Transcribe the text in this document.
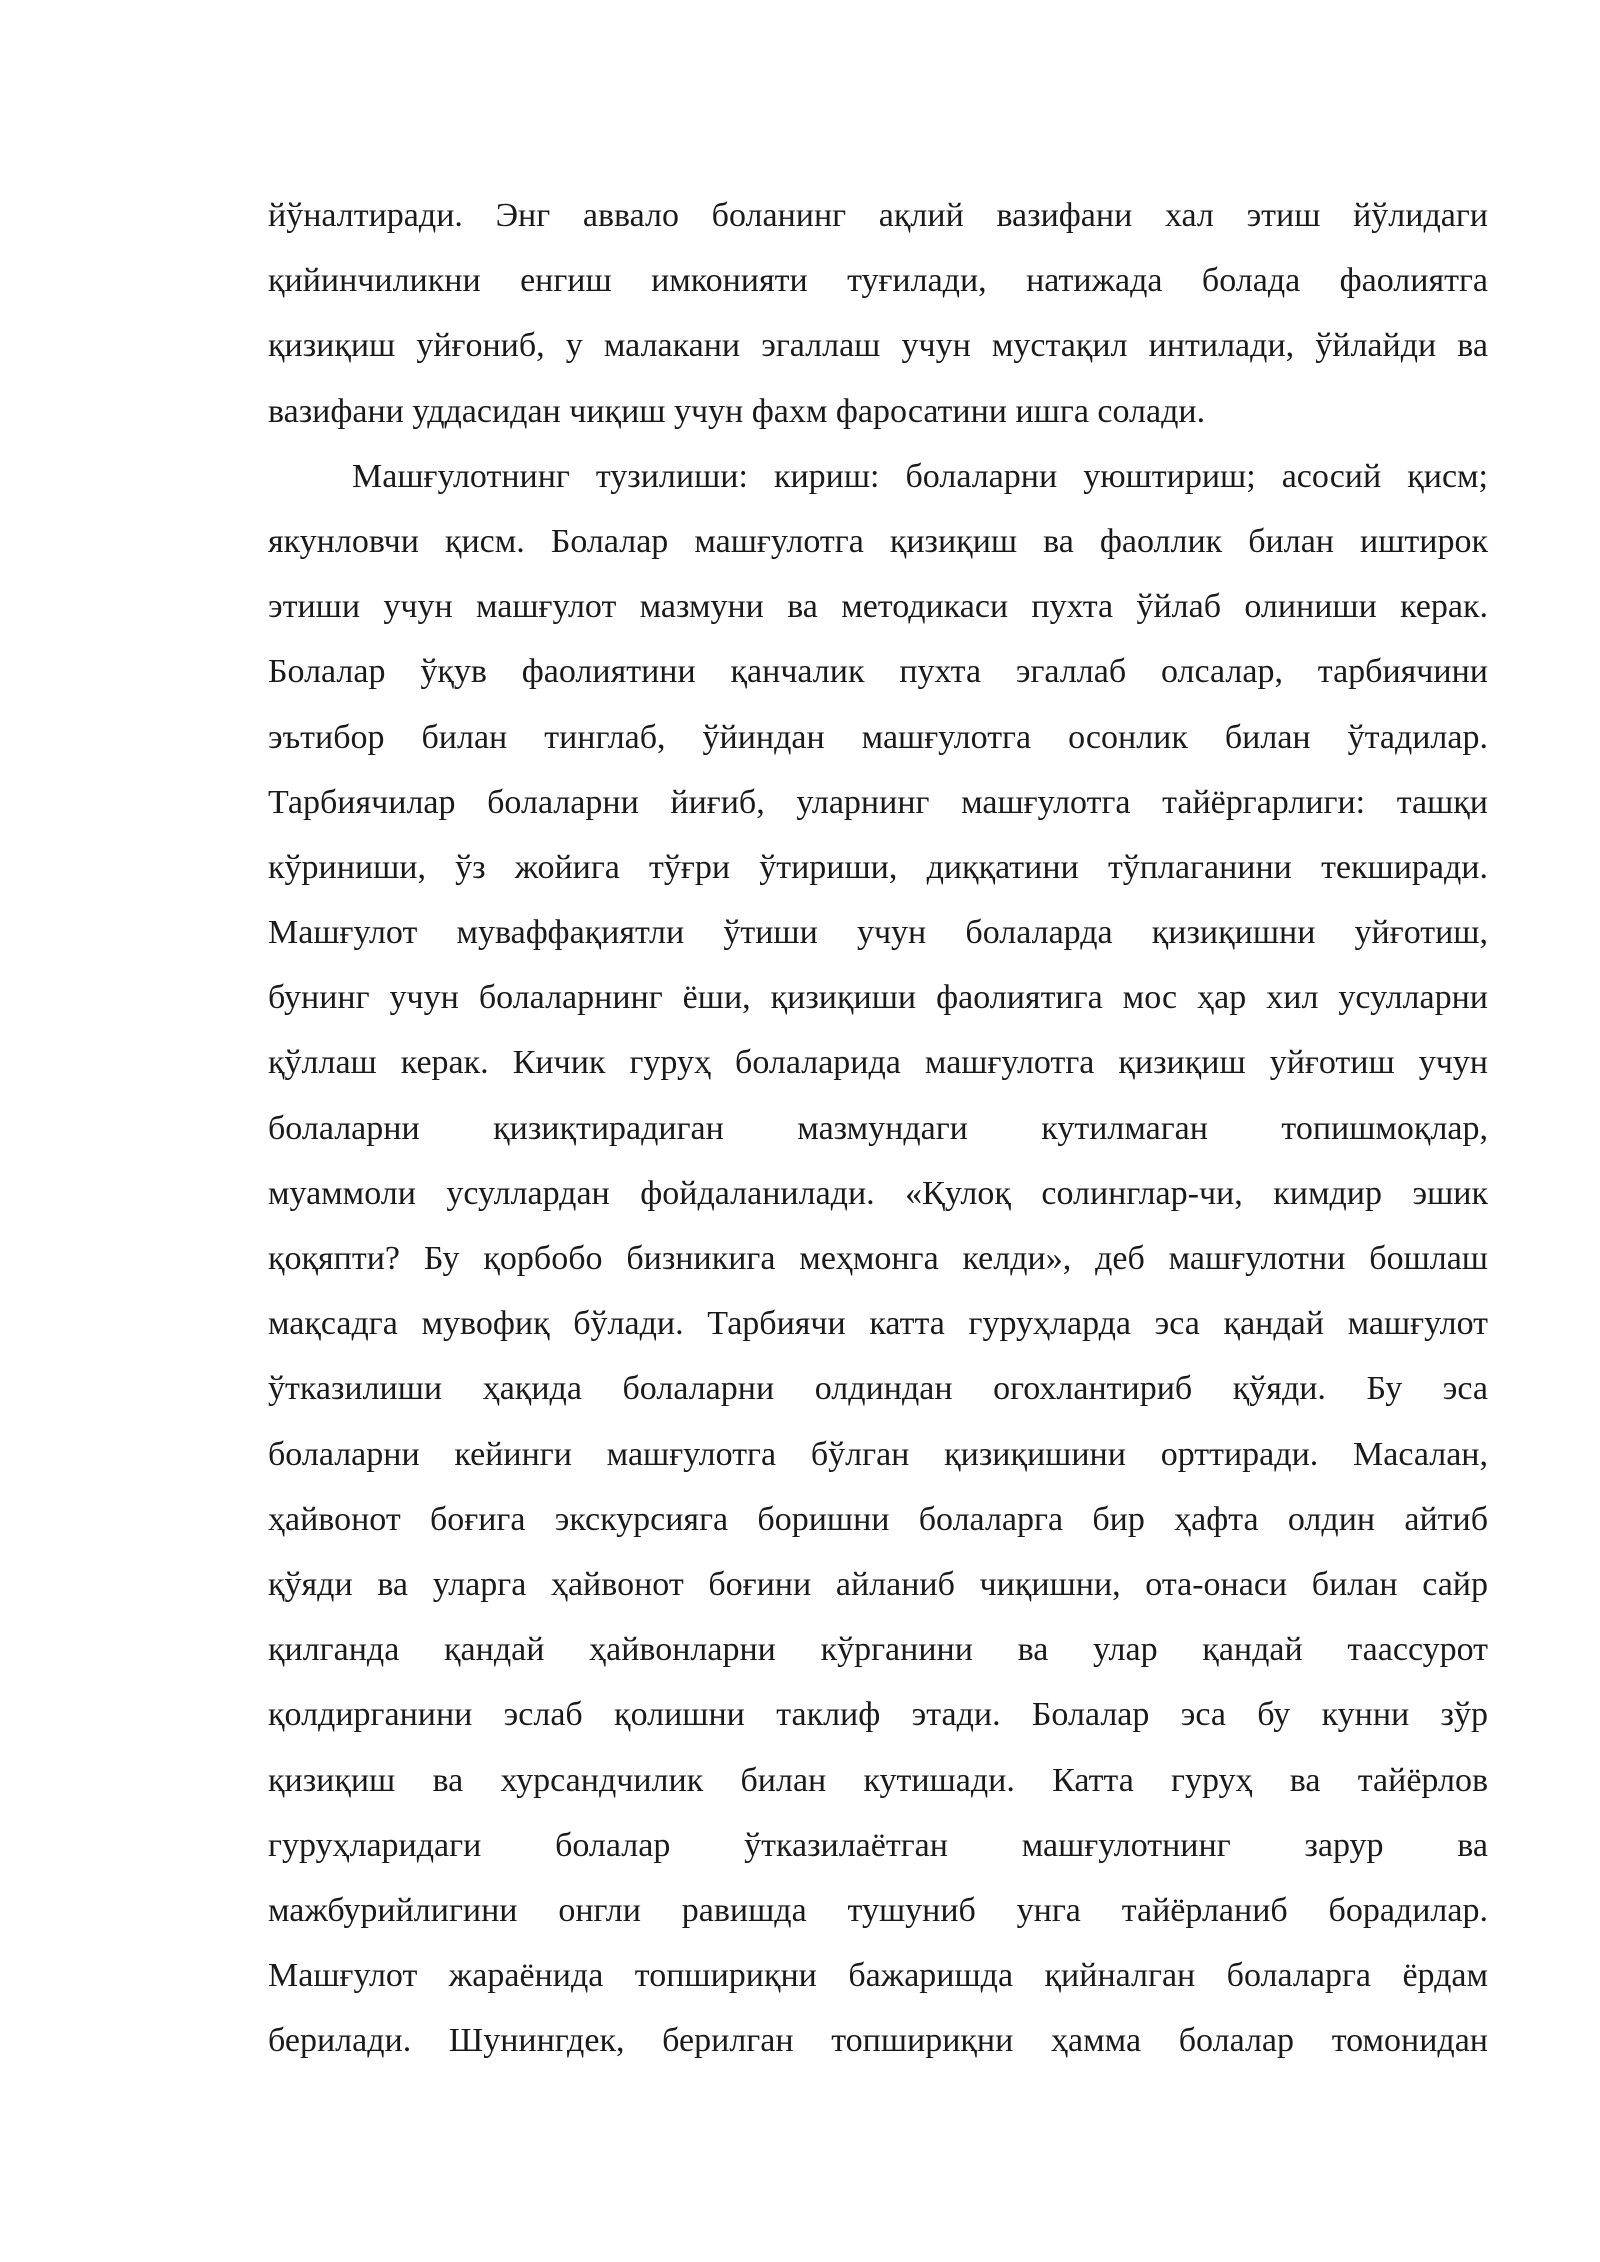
йўналтиради. Энг аввало боланинг ақлий вазифани хал этиш йўлидаги
қийинчиликни енгиш имконияти туғилади, натижада болада фаолиятга
қизиқиш уйғониб, у малакани эгаллаш учун мустақил интилади, ўйлайди ва
вазифани уддасидан чиқиш учун фахм фаросатини ишга солади.
Машғулотнинг тузилиши: кириш: болаларни уюштириш; асосий қисм;
якунловчи қисм. Болалар машғулотга қизиқиш ва фаоллик билан иштирок
этиши учун машғулот мазмуни ва методикаси пухта ўйлаб олиниши керак.
Болалар ўқув фаолиятини қанчалик пухта эгаллаб олсалар, тарбиячини
эътибор билан тинглаб, ўйиндан машғулотга осонлик билан ўтадилар.
Тарбиячилар болаларни йиғиб, уларнинг машғулотга тайёргарлиги: ташқи
кўриниши, ўз жойига тўғри ўтириши, диққатини тўплаганини текширади.
Машғулот муваффақиятли ўтиши учун болаларда қизиқишни уйғотиш,
бунинг учун болаларнинг ёши, қизиқиши фаолиятига мос ҳар хил усулларни
қўллаш керак. Кичик гуруҳ болаларида машғулотга қизиқиш уйғотиш учун
болаларни қизиқтирадиган мазмундаги кутилмаган топишмоқлар,
муаммоли усуллардан фойдаланилади. «Қулоқ солинглар-чи, кимдир эшик
қоқяпти? Бу қорбобо бизникига меҳмонга келди», деб машғулотни бошлаш
мақсадга мувофиқ бўлади. Тарбиячи катта гуруҳларда эса қандай машғулот
ўтказилиши ҳақида болаларни олдиндан огохлантириб қўяди. Бу эса
болаларни кейинги машғулотга бўлган қизиқишини орттиради. Масалан,
ҳайвонот боғига экскурсияга боришни болаларга бир ҳафта олдин айтиб
қўяди ва уларга ҳайвонот боғини айланиб чиқишни, ота-онаси билан сайр
қилганда қандай ҳайвонларни кўрганини ва улар қандай таассурот
қолдирганини эслаб қолишни таклиф этади. Болалар эса бу кунни зўр
қизиқиш ва хурсандчилик билан кутишади. Катта гуруҳ ва тайёрлов
гуруҳларидаги болалар ўтказилаётган машғулотнинг зарур ва
мажбурийлигини онгли равишда тушуниб унга тайёрланиб борадилар.
Машғулот жараёнида топшириқни бажаришда қийналган болаларга ёрдам
берилади. Шунингдек, берилган топшириқни ҳамма болалар томонидан
